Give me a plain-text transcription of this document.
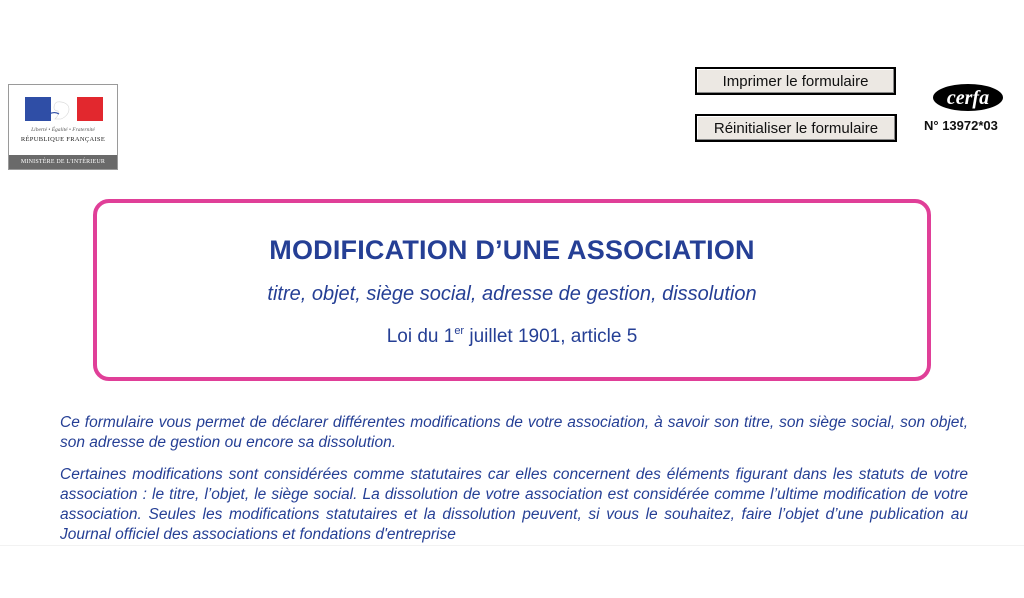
Liberté • Égalité • Fraternité
RÉPUBLIQUE FRANÇAISE
MINISTÈRE DE L'INTÉRIEUR
Imprimer le formulaire
Réinitialiser le formulaire
cerfa
N° 13972*03
MODIFICATION D’UNE ASSOCIATION
titre, objet, siège social, adresse de gestion, dissolution
Loi du 1er juillet 1901, article 5

Ce formulaire vous permet de déclarer différentes modifications de votre association, à savoir son titre, son siège social, son objet, son adresse de gestion ou encore sa dissolution.

Certaines modifications sont considérées comme statutaires car elles concernent des éléments figurant dans les statuts de votre association : le titre, l’objet, le siège social. La dissolution de votre association est considérée comme l’ultime modification de votre association. Seules les modifications statutaires et la dissolution peuvent, si vous le souhaitez, faire l’objet d’une publication au Journal officiel des associations et fondations d'entreprise
